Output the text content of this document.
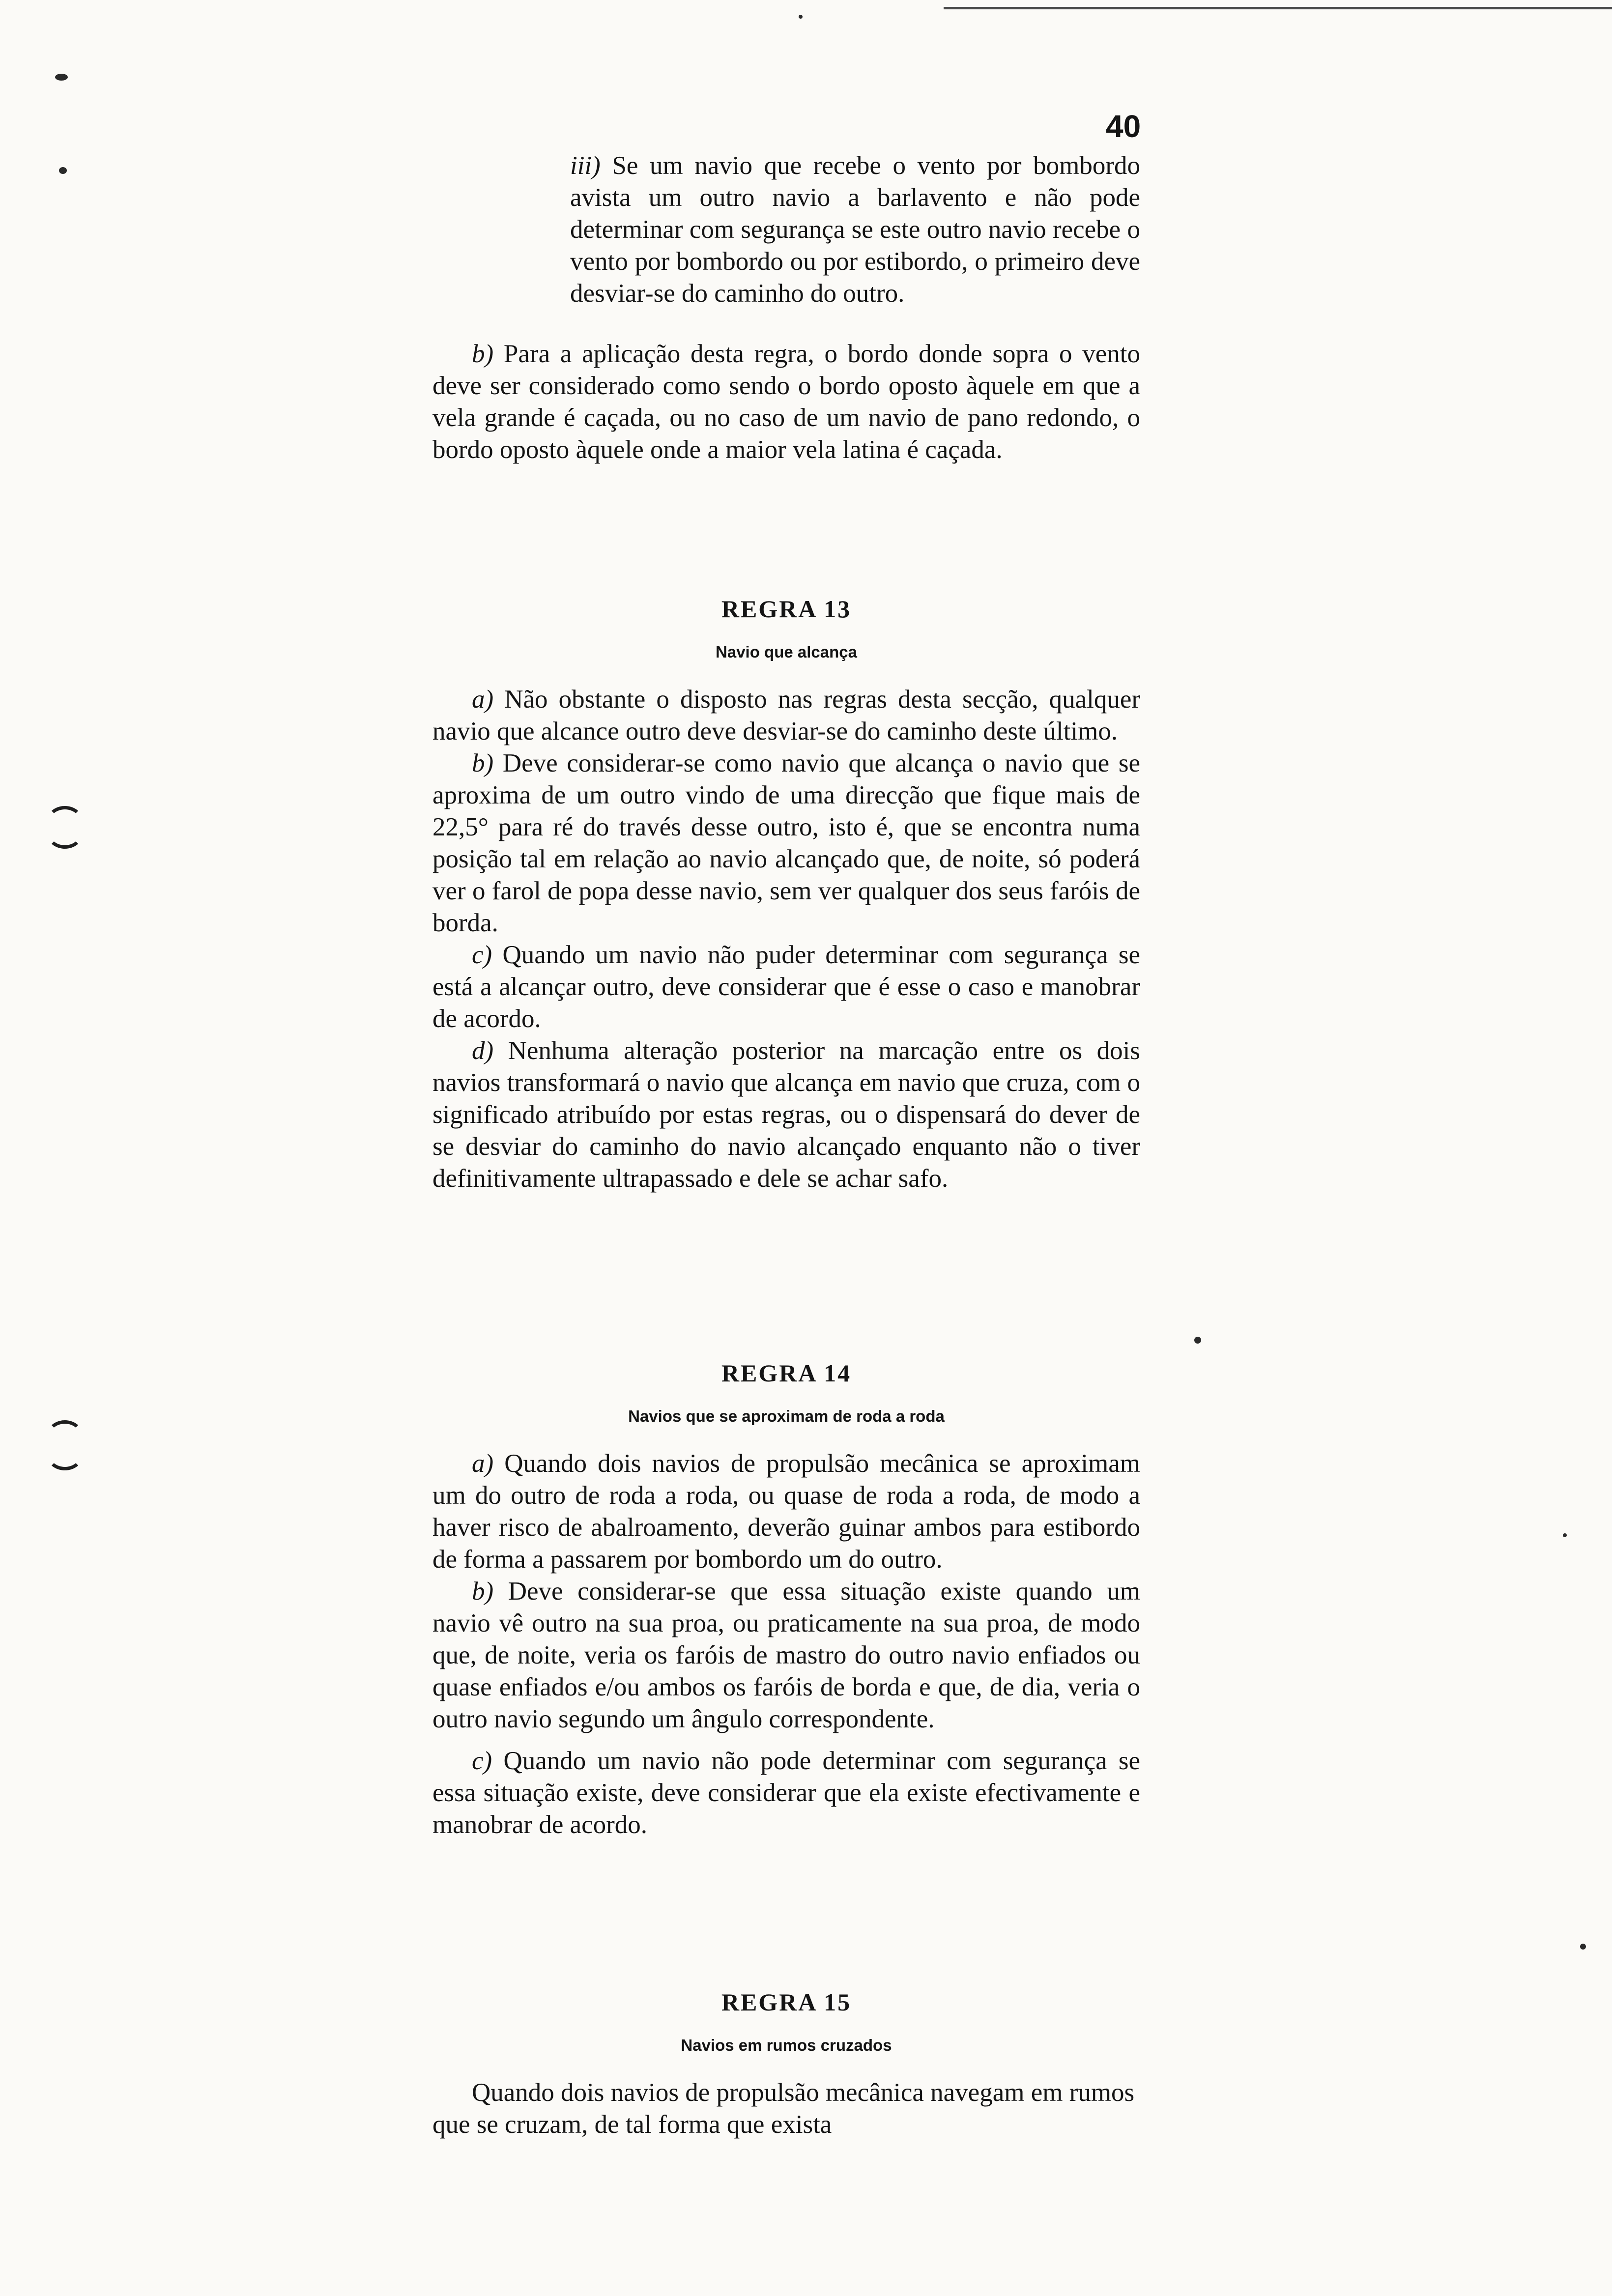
40

iii) Se um navio que recebe o vento por bombordo avista um outro navio a barlavento e não pode determinar com segurança se este outro navio recebe o vento por bombordo ou por estibordo, o primeiro deve desviar-se do caminho do outro.

b) Para a aplicação desta regra, o bordo donde sopra o vento deve ser considerado como sendo o bordo oposto àquele em que a vela grande é caçada, ou no caso de um navio de pano redondo, o bordo oposto àquele onde a maior vela latina é caçada.

REGRA 13
Navio que alcança

a) Não obstante o disposto nas regras desta secção, qualquer navio que alcance outro deve desviar-se do caminho deste último.

b) Deve considerar-se como navio que alcança o navio que se aproxima de um outro vindo de uma direcção que fique mais de 22,5° para ré do través desse outro, isto é, que se encontra numa posição tal em relação ao navio alcançado que, de noite, só poderá ver o farol de popa desse navio, sem ver qualquer dos seus faróis de borda.

c) Quando um navio não puder determinar com segurança se está a alcançar outro, deve considerar que é esse o caso e manobrar de acordo.

d) Nenhuma alteração posterior na marcação entre os dois navios transformará o navio que alcança em navio que cruza, com o significado atribuído por estas regras, ou o dispensará do dever de se desviar do caminho do navio alcançado enquanto não o tiver definitivamente ultrapassado e dele se achar safo.

REGRA 14
Navios que se aproximam de roda a roda

a) Quando dois navios de propulsão mecânica se aproximam um do outro de roda a roda, ou quase de roda a roda, de modo a haver risco de abalroamento, deverão guinar ambos para estibordo de forma a passarem por bombordo um do outro.

b) Deve considerar-se que essa situação existe quando um navio vê outro na sua proa, ou praticamente na sua proa, de modo que, de noite, veria os faróis de mastro do outro navio enfiados ou quase enfiados e/ou ambos os faróis de borda e que, de dia, veria o outro navio segundo um ângulo correspondente.

c) Quando um navio não pode determinar com segurança se essa situação existe, deve considerar que ela existe efectivamente e manobrar de acordo.

REGRA 15
Navios em rumos cruzados

Quando dois navios de propulsão mecânica navegam em rumos que se cruzam, de tal forma que exista
